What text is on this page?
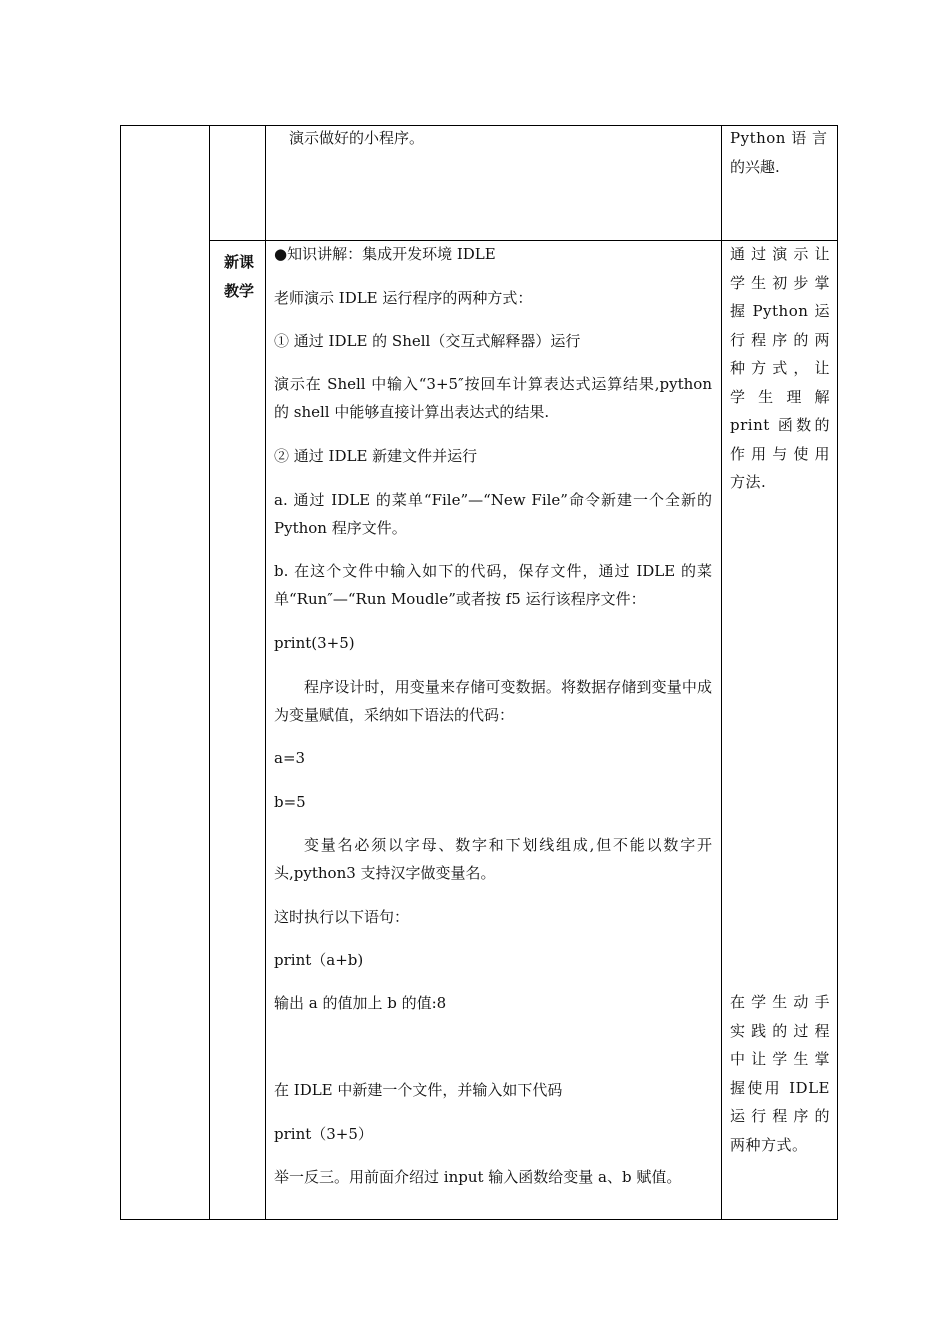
演示做好的小程序。	Python 语 言
的兴趣.
新课
教学

●知识讲解：集成开发环境 IDLE

老师演示 IDLE 运行程序的两种方式：

① 通过 IDLE 的 Shell（交互式解释器）运行

演示在 Shell 中输入“3+5″按回车计算表达式运算结果,python 的 shell 中能够直接计算出表达式的结果.

② 通过 IDLE 新建文件并运行

a. 通过 IDLE 的菜单“File”—“New File”命令新建一个全新的 Python 程序文件。

b. 在这个文件中输入如下的代码，保存文件，通过 IDLE 的菜单“Run″—“Run Moudle”或者按 f5 运行该程序文件：

print(3+5)

程序设计时，用变量来存储可变数据。将数据存储到变量中成为变量赋值，采纳如下语法的代码：

a=3

b=5

变量名必须以字母、数字和下划线组成,但不能以数字开头,python3 支持汉字做变量名。

这时执行以下语句：

print（a+b)

输出 a 的值加上 b 的值:8

在 IDLE 中新建一个文件，并输入如下代码

print（3+5）

举一反三。用前面介绍过 input 输入函数给变量 a、b 赋值。

通过演示让
学生初步掌
握 Python 运
行程序的两
种方式，让
学 生 理 解
print 函数的
作用与使用
方法.
在学生动手
实践的过程
中让学生掌
握使用 IDLE
运行程序的
两种方式。
